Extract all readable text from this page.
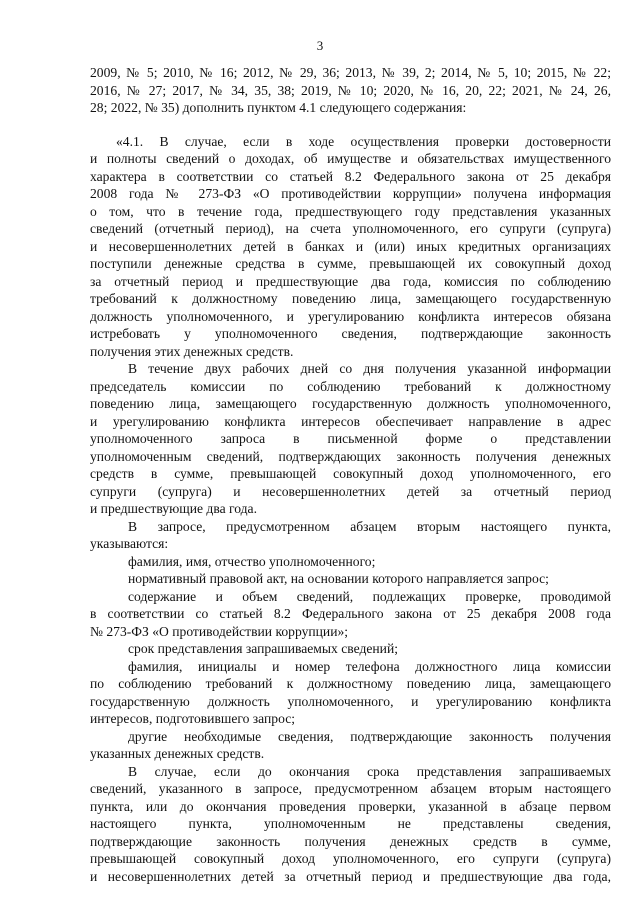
3
2009, № 5; 2010, № 16; 2012, № 29, 36; 2013, № 39, 2; 2014, № 5, 10; 2015, № 22;
2016, № 27; 2017, № 34, 35, 38; 2019, № 10; 2020, № 16, 20, 22; 2021, № 24, 26,
28; 2022, № 35) дополнить пунктом 4.1 следующего содержания:
«4.1. В случае, если в ходе осуществления проверки достоверности
и полноты сведений о доходах, об имуществе и обязательствах имущественного
характера в соответствии со статьей 8.2 Федерального закона от 25 декабря
2008 года № 273-ФЗ «О противодействии коррупции» получена информация
о том, что в течение года, предшествующего году представления указанных
сведений (отчетный период), на счета уполномоченного, его супруги (супруга)
и несовершеннолетних детей в банках и (или) иных кредитных организациях
поступили денежные средства в сумме, превышающей их совокупный доход
за отчетный период и предшествующие два года, комиссия по соблюдению
требований к должностному поведению лица, замещающего государственную
должность уполномоченного, и урегулированию конфликта интересов обязана
истребовать у уполномоченного сведения, подтверждающие законность
получения этих денежных средств.
В течение двух рабочих дней со дня получения указанной информации
председатель комиссии по соблюдению требований к должностному
поведению лица, замещающего государственную должность уполномоченного,
и урегулированию конфликта интересов обеспечивает направление в адрес
уполномоченного запроса в письменной форме о представлении
уполномоченным сведений, подтверждающих законность получения денежных
средств в сумме, превышающей совокупный доход уполномоченного, его
супруги (супруга) и несовершеннолетних детей за отчетный период
и предшествующие два года.
В запросе, предусмотренном абзацем вторым настоящего пункта,
указываются:
фамилия, имя, отчество уполномоченного;
нормативный правовой акт, на основании которого направляется запрос;
содержание и объем сведений, подлежащих проверке, проводимой
в соответствии со статьей 8.2 Федерального закона от 25 декабря 2008 года
№ 273-ФЗ «О противодействии коррупции»;
срок представления запрашиваемых сведений;
фамилия, инициалы и номер телефона должностного лица комиссии
по соблюдению требований к должностному поведению лица, замещающего
государственную должность уполномоченного, и урегулированию конфликта
интересов, подготовившего запрос;
другие необходимые сведения, подтверждающие законность получения
указанных денежных средств.
В случае, если до окончания срока представления запрашиваемых
сведений, указанного в запросе, предусмотренном абзацем вторым настоящего
пункта, или до окончания проведения проверки, указанной в абзаце первом
настоящего пункта, уполномоченным не представлены сведения,
подтверждающие законность получения денежных средств в сумме,
превышающей совокупный доход уполномоченного, его супруги (супруга)
и несовершеннолетних детей за отчетный период и предшествующие два года,
